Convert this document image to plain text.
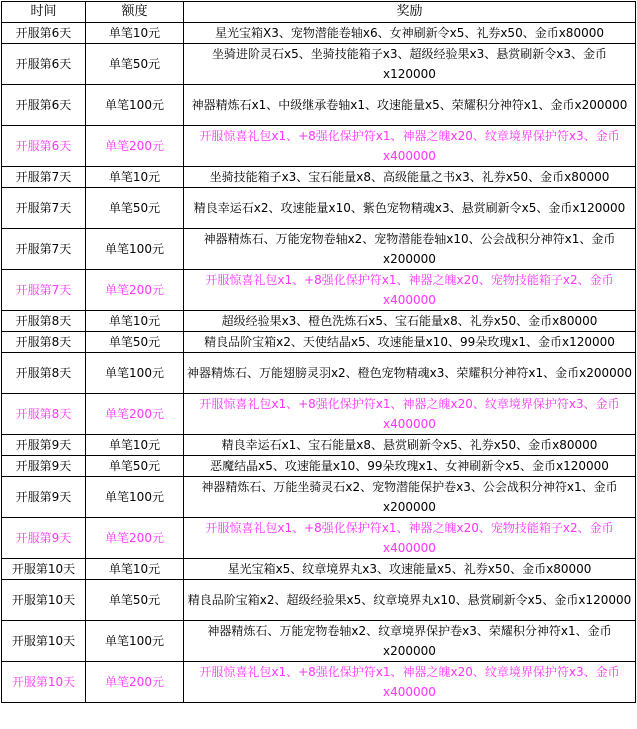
时间	额度	奖励
开服第6天	单笔10元	星光宝箱X3、宠物潜能卷轴x6、女神刷新令x5、礼券x50、金币x80000
开服第6天	单笔50元	坐骑进阶灵石x5、坐骑技能箱子x3、超级经验果x3、悬赏刷新令x3、金币x120000
开服第6天	单笔100元	神器精炼石x1、中级继承卷轴x1、攻速能量x5、荣耀积分神符x1、金币x200000
开服第6天	单笔200元	开服惊喜礼包x1、+8强化保护符x1、神器之魄x20、纹章境界保护符x3、金币x400000
开服第7天	单笔10元	坐骑技能箱子x3、宝石能量x8、高级能量之书x3、礼券x50、金币x80000
开服第7天	单笔50元	精良幸运石x2、攻速能量x10、紫色宠物精魂x3、悬赏刷新令x5、金币x120000
开服第7天	单笔100元	神器精炼石、万能宠物卷轴x2、宠物潜能卷轴x10、公会战积分神符x1、金币x200000
开服第7天	单笔200元	开服惊喜礼包x1、+8强化保护符x1、神器之魄x20、宠物技能箱子x2、金币x400000
开服第8天	单笔10元	超级经验果x3、橙色洗炼石x5、宝石能量x8、礼券x50、金币x80000
开服第8天	单笔50元	精良品阶宝箱x2、天使结晶x5、攻速能量x10、99朵玫瑰x1、金币x120000
开服第8天	单笔100元	神器精炼石、万能翅膀灵羽x2、橙色宠物精魂x3、荣耀积分神符x1、金币x200000
开服第8天	单笔200元	开服惊喜礼包x1、+8强化保护符x1、神器之魄x20、纹章境界保护符x3、金币x400000
开服第9天	单笔10元	精良幸运石x1、宝石能量x8、悬赏刷新令x5、礼券x50、金币x80000
开服第9天	单笔50元	恶魔结晶x5、攻速能量x10、99朵玫瑰x1、女神刷新令x5、金币x120000
开服第9天	单笔100元	神器精炼石、万能坐骑灵石x2、宠物潜能保护卷x3、公会战积分神符x1、金币x200000
开服第9天	单笔200元	开服惊喜礼包x1、+8强化保护符x1、神器之魄x20、宠物技能箱子x2、金币x400000
开服第10天	单笔10元	星光宝箱x5、纹章境界丸x3、攻速能量x5、礼券x50、金币x80000
开服第10天	单笔50元	精良品阶宝箱x2、超级经验果x5、纹章境界丸x10、悬赏刷新令x5、金币x120000
开服第10天	单笔100元	神器精炼石、万能宠物卷轴x2、纹章境界保护卷x3、荣耀积分神符x1、金币x200000
开服第10天	单笔200元	开服惊喜礼包x1、+8强化保护符x1、神器之魄x20、纹章境界保护符x3、金币x400000
